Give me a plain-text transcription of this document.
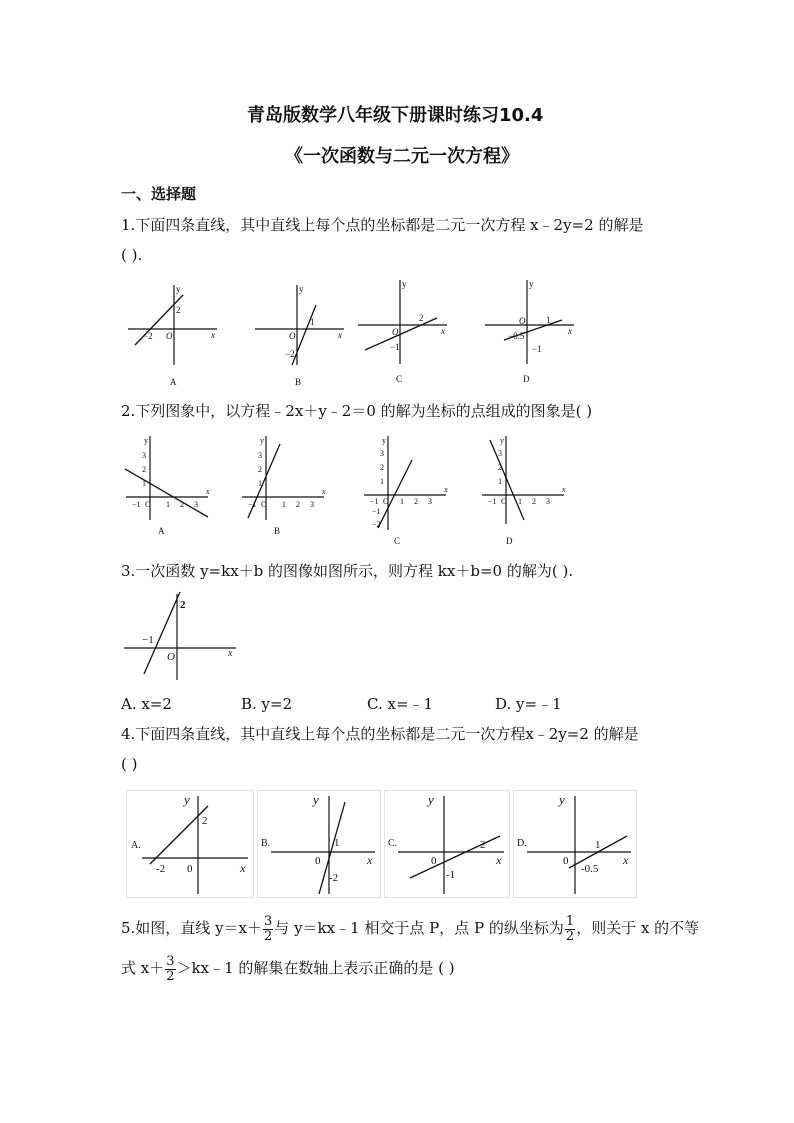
青岛版数学八年级下册课时练习10.4
《一次函数与二元一次方程》
一、选择题
1.下面四条直线，其中直线上每个点的坐标都是二元一次方程 x﹣2y=2 的解是
( ).
y
2
−2 O	x
A
y
1
O
−2
x
B
y
2
O
−1
x
C
y
1
O
−0.5
−1
x
D
2.下列图象中，以方程﹣2x＋y﹣2＝0 的解为坐标的点组成的图象是( )
y
3
2
1
−1 O 1 2 3
x
A
y
3
2
1
−1 O 1 2 3
x
B
y
3
2
1
−1 O 1 2 3
−1
−2
x
C
y
3
2
1
−1 O 1 2 3
x
D
3.一次函数 y=kx＋b 的图像如图所示，则方程 kx＋b=0 的解为( ).
2
−1
O	x
A. x=2	B. y=2	C. x=﹣1	D. y=﹣1
4.下面四条直线，其中直线上每个点的坐标都是二元一次方程x﹣2y=2 的解是
( )
y
2
-2 0	x
A.
y
1
0
-2
x
B.
y
2
0
-1
x
C.
y
1
0
-0.5
x
D.
5.如图，直线 $y=x+ \frac{3}{2}$ 与 y＝kx﹣1 相交于点 P，点 P 的纵坐标为 $\frac{1}{2}$ ，则关于 x 的不等
式 $x+ \frac{3}{2}$ ＞kx﹣1 的解集在数轴上表示正确的是 ( )
